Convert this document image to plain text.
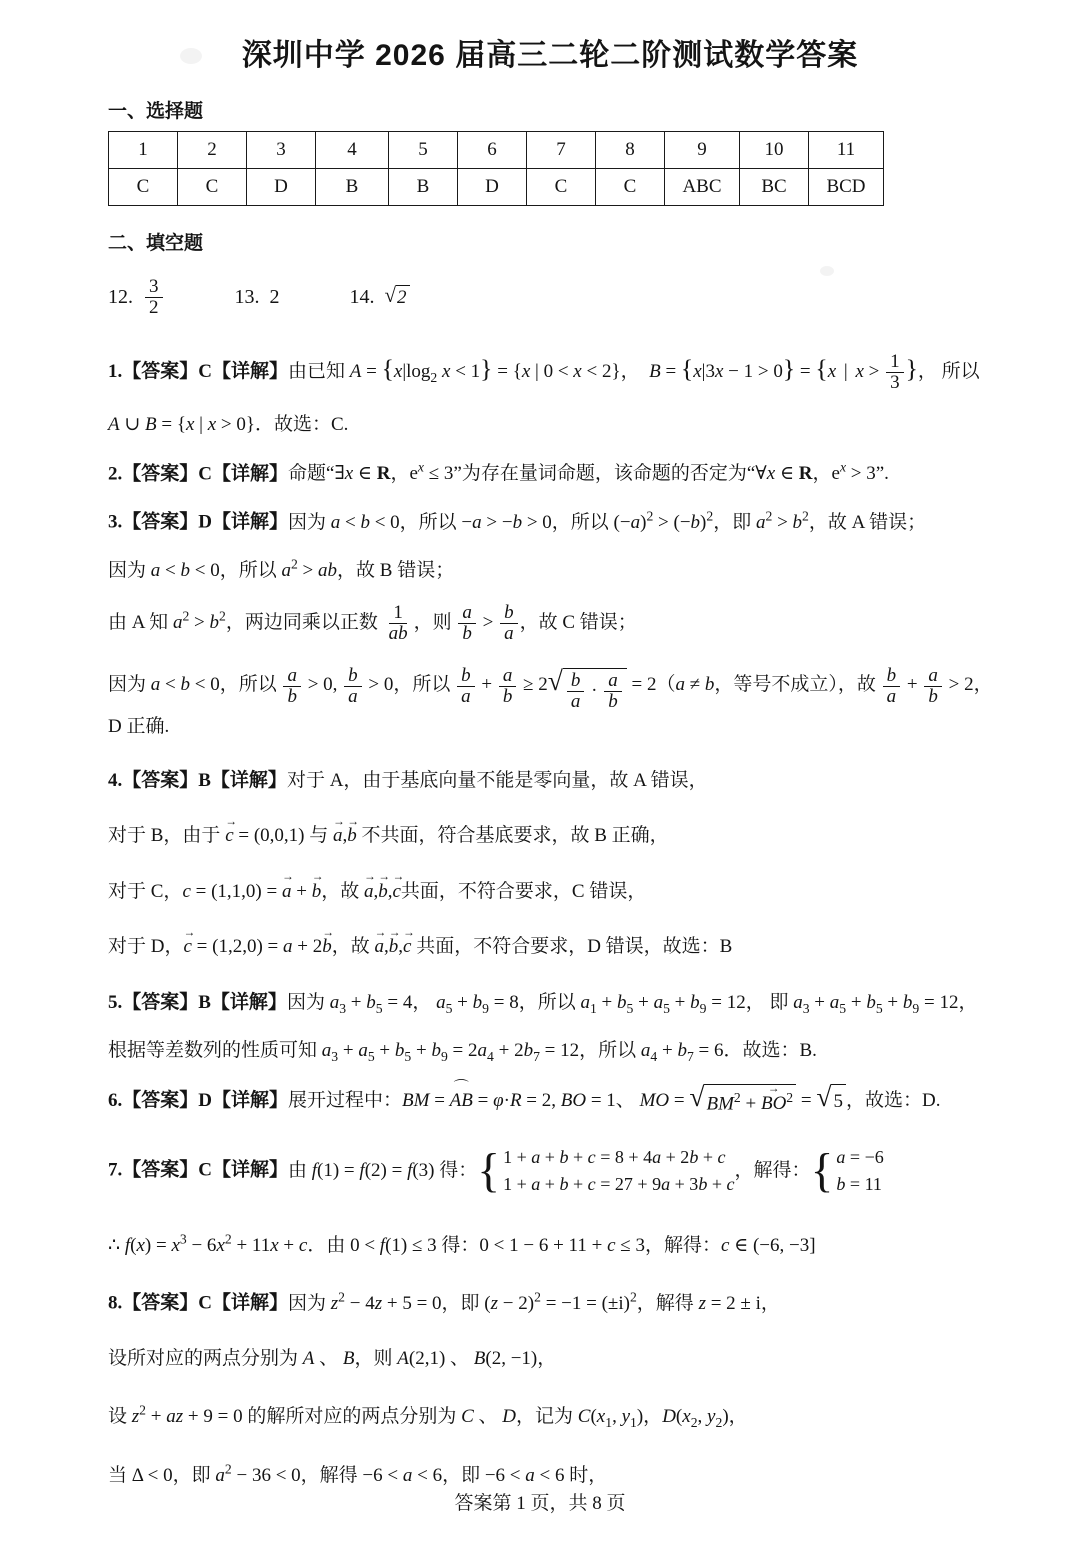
深圳中学 2026 届高三二轮二阶测试数学答案
一、选择题
1	2	3	4	5	6	7	8	9	10	11
C	C	D	B	B	D	C	C	ABC	BC	BCD
二、填空题
12. $\frac{3}{2}$	13. 2	14. √ 2
1.【答案】C【详解】由已知 $A = \{x|\log_2$ x < 1} = {x | 0 < x < 2}，  B = {x|3x − 1 > 0} = {x | $x > \frac{1}{3}$ }， 所以
A ∪ B = {x | x > 0}．故选：C.
2.【答案】C【详解】命题“∃x ∈ R，$e^x \le 3$”为存在量词命题，该命题的否定为“∀x ∈ R，$e^x > 3$”.
3.【答案】D【详解】因为 a < b < 0，所以 −a > −b > 0，所以 $(-a)^2 > (-b)^2$，即 $a^2 > b^2$，故 A 错误；
因为 a < b < 0，所以 $a^2$ > ab，故 B 错误；
由 A 知 $a^2 > b^2$，两边同乘以正数 $\frac{1}{ab}$ ，则 $\frac{a}{b} > \frac{b}{a}$ ，故 C 错误；
因为 a < b < 0，所以 $\frac{a}{b} > 0$, $\frac{b}{a} > 0$，所以 $\frac{b}{a} + \frac{a}{b} \ge 2$ √ $\frac{b}{a} \cdot \frac{a}{b} = 2(a \ne b$，等号不成立），故 $\frac{b}{a} + \frac{a}{b} > 2$，D 正确.
4.【答案】B【详解】对于 A，由于基底向量不能是零向量，故 A 错误，
对于 B，由于 c → = (0,0,1) 与 a →,b → 不共面，符合基底要求，故 B 正确，
对于 C，c = (1,1,0) = a → + b →，故 a →,b →,c →共面，不符合要求，C 错误，
对于 D，c → = (1,2,0) = a + 2b →，故 a →,b →,c → 共面，不符合要求，D 错误，故选：B
5.【答案】B【详解】因为 $a_3 + b_5 = 4$， $a_5 + b_9 = 8$，所以 $a_1 + b_5 + a_5 + b_9 = 12$， 即 $a_3 + a_5 + b_5 + b_9 = 12$，
根据等差数列的性质可知 $a_3 + a_5 + b_5 + b_9 = 2a_4 + 2b_7 = 12$，所以 $a_4 + b_7 = 6$．故选：B.
6.【答案】D【详解】展开过程中：BM = AB ⌒ = φ·R = 2, BO = 1、 MO = √ $BM^2$ + BO →$^2$ = √ 5 ，故选：D.
7.【答案】C【详解】由 f(1) = f(2) = f(3) 得： { 1 + a + b + c = 8 + 4a + 2b + c
1 + a + b + c = 27 + 9a + 3b + c
，解得： { a = −6
b = 11
∴ $f(x) = x^3 - 6x^2 + 11x + c$．由 0 < f(1) ≤ 3 得：0 < 1 − 6 + 11 + c ≤ 3，解得：c ∈ (−6, −3]
8.【答案】C【详解】因为 $z^2 - 4z + 5 = 0$，即 $(z - 2)^2 = -1 = (\pm i)^2$，解得 z = 2 ± i，
设所对应的两点分别为 A 、 B，则 A(2,1) 、 B(2, −1)，
设 $z^2$ + az + 9 = 0 的解所对应的两点分别为 C 、 D，记为 $C(x_1$, $y_1$)，$D(x_2$, $y_2$)，
当 Δ < 0，即 $a^2 - 36 < 0$，解得 −6 < a < 6，即 −6 < a < 6 时，
答案第 1 页，共 8 页
